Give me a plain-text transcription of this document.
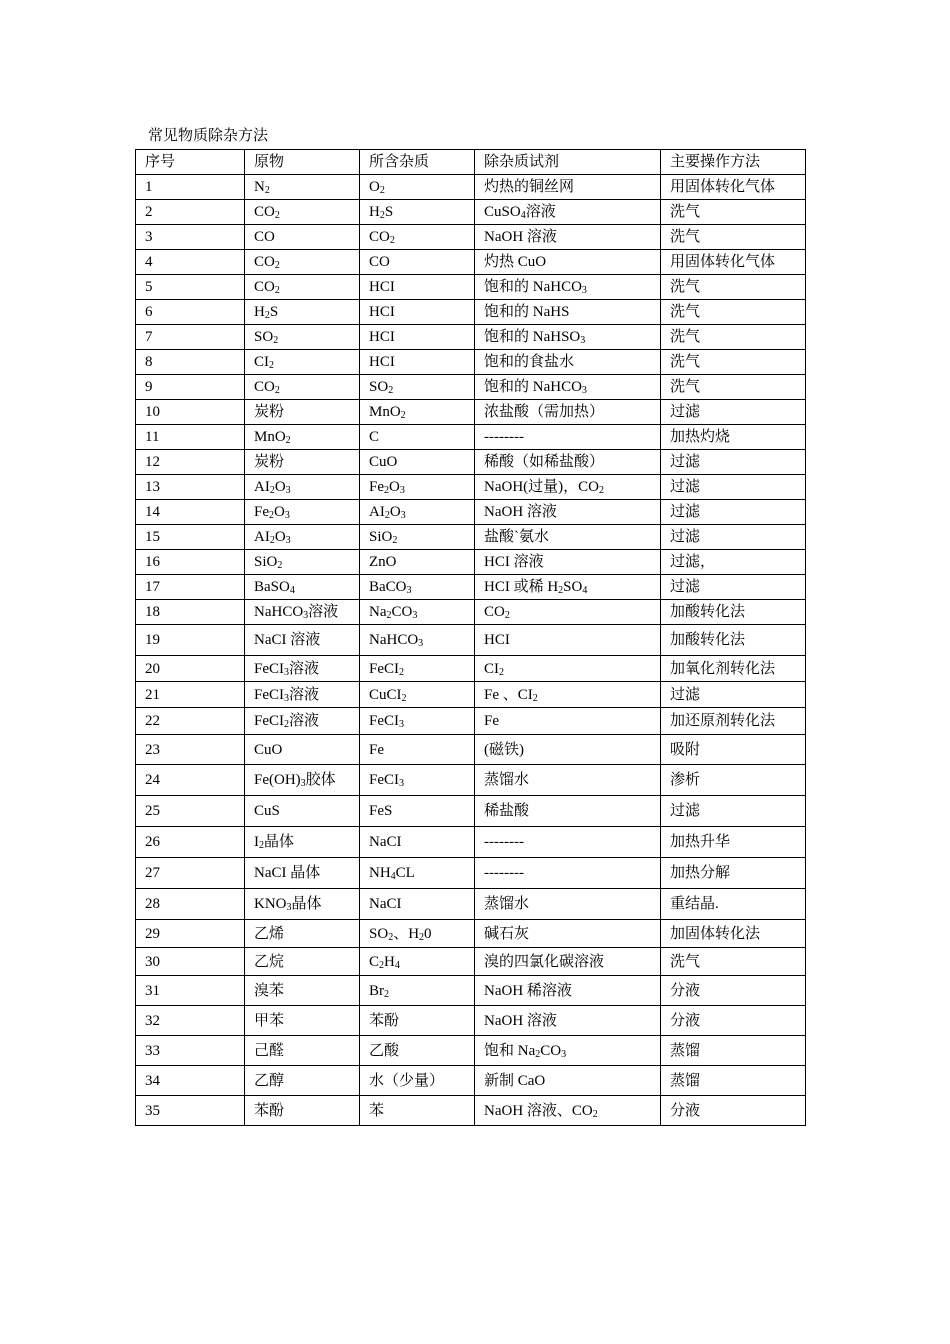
常见物质除杂方法
序号	原物	所含杂质	除杂质试剂	主要操作方法
1	$N_2$	$O_2$	灼热的铜丝网	用固体转化气体
2	$CO_2$	$H_2S$	CuSO$_4$溶液	洗气
3	CO	$CO_2$	NaOH 溶液	洗气
4	$CO_2$	CO	灼热 CuO	用固体转化气体
5	$CO_2$	HCI	饱和的 NaHCO$_3$	洗气
6	$H_2S$	HCI	饱和的 NaHS	洗气
7	$SO_2$	HCI	饱和的 NaHSO$_3$	洗气
8	$CI_2$	HCI	饱和的食盐水	洗气
9	$CO_2$	$SO_2$	饱和的 NaHCO$_3$	洗气
10	炭粉	MnO$_2$	浓盐酸（需加热）	过滤
11	MnO$_2$	C	--------	加热灼烧
12	炭粉	CuO	稀酸（如稀盐酸）	过滤
13	$AI_2O_3$	$Fe_2O_3$	NaOH(过量)，$CO_2$	过滤
14	$Fe_2O_3$	$AI_2O_3$	NaOH 溶液	过滤
15	$AI_2O_3$	SiO$_2$	盐酸`氨水	过滤
16	SiO$_2$	ZnO	HCI 溶液	过滤，
17	BaSO$_4$	BaCO$_3$	HCI 或稀 $H_2SO_4$	过滤
18	NaHCO$_3$溶液	$Na_2CO_3$	$CO_2$	加酸转化法
19	NaCI 溶液	NaHCO$_3$	HCI	加酸转化法
20	FeCI$_3$溶液	FeCI$_2$	$CI_2$	加氧化剂转化法
21	FeCI$_3$溶液	CuCI$_2$	Fe 、$CI_2$	过滤
22	FeCI$_2$溶液	FeCI$_3$	Fe	加还原剂转化法
23	CuO	Fe	(磁铁)	吸附
24	$Fe(OH)_3$胶体	FeCI$_3$	蒸馏水	渗析
25	CuS	FeS	稀盐酸	过滤
26	$I_2$晶体	NaCI	--------	加热升华
27	NaCI 晶体	$NH_4CL$	--------	加热分解
28	$KNO_3$晶体	NaCI	蒸馏水	重结晶.
29	乙烯	$SO_2$、$H_20$	碱石灰	加固体转化法
30	乙烷	$C_2H_4$	溴的四氯化碳溶液	洗气
31	溴苯	$Br_2$	NaOH 稀溶液	分液
32	甲苯	苯酚	NaOH 溶液	分液
33	己醛	乙酸	饱和 $Na_2CO_3$	蒸馏
34	乙醇	水（少量）	新制 CaO	蒸馏
35	苯酚	苯	NaOH 溶液、$CO_2$	分液
